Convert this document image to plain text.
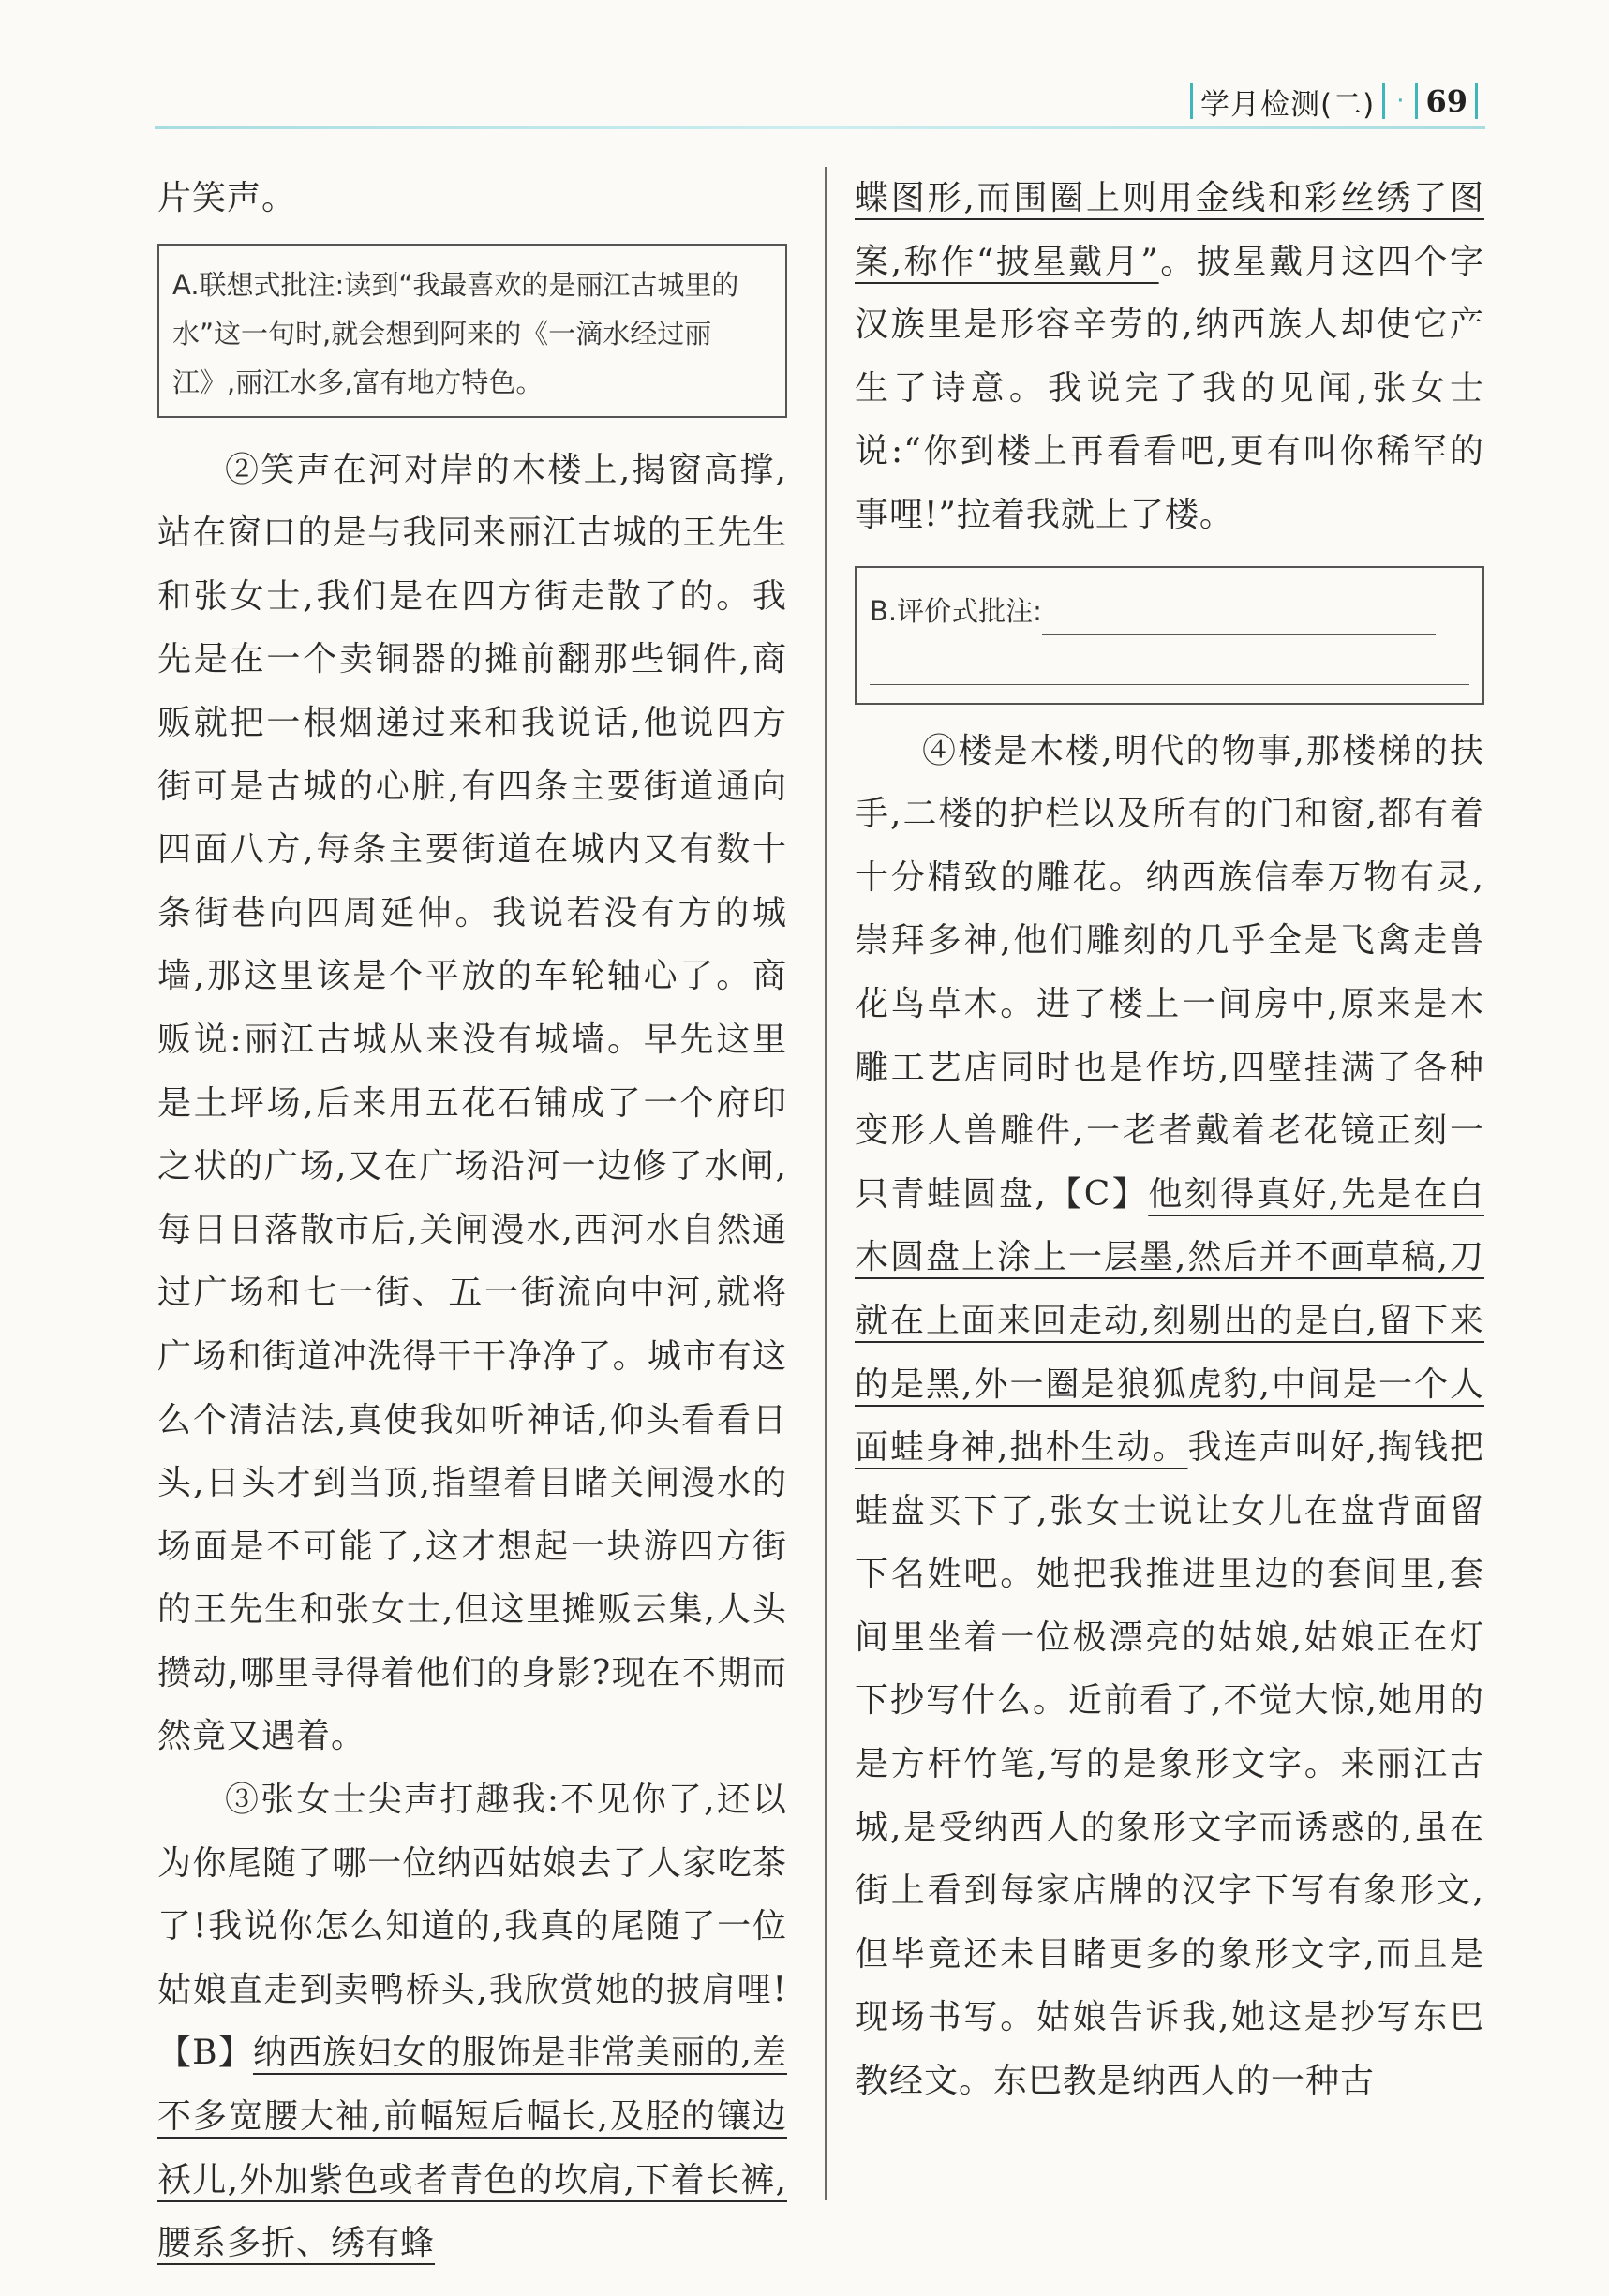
学月检测(二) · 69

片笑声。

A.联想式批注:读到“我最喜欢的是丽江古城里的水”这一句时,就会想到阿来的《一滴水经过丽江》,丽江水多,富有地方特色。

②笑声在河对岸的木楼上,揭窗高撑,站在窗口的是与我同来丽江古城的王先生和张女士,我们是在四方街走散了的。我先是在一个卖铜器的摊前翻那些铜件,商贩就把一根烟递过来和我说话,他说四方街可是古城的心脏,有四条主要街道通向四面八方,每条主要街道在城内又有数十条街巷向四周延伸。我说若没有方的城墙,那这里该是个平放的车轮轴心了。商贩说:丽江古城从来没有城墙。早先这里是土坪场,后来用五花石铺成了一个府印之状的广场,又在广场沿河一边修了水闸,每日日落散市后,关闸漫水,西河水自然通过广场和七一街、五一街流向中河,就将广场和街道冲洗得干干净净了。城市有这么个清洁法,真使我如听神话,仰头看看日头,日头才到当顶,指望着目睹关闸漫水的场面是不可能了,这才想起一块游四方街的王先生和张女士,但这里摊贩云集,人头攒动,哪里寻得着他们的身影?现在不期而然竟又遇着。

③张女士尖声打趣我:不见你了,还以为你尾随了哪一位纳西姑娘去了人家吃茶了!我说你怎么知道的,我真的尾随了一位姑娘直走到卖鸭桥头,我欣赏她的披肩哩!【B】纳西族妇女的服饰是非常美丽的,差不多宽腰大袖,前幅短后幅长,及胫的镶边袄儿,外加紫色或者青色的坎肩,下着长裤,腰系多折、绣有蜂

蝶图形,而围圈上则用金线和彩丝绣了图案,称作“披星戴月”。披星戴月这四个字汉族里是形容辛劳的,纳西族人却使它产生了诗意。我说完了我的见闻,张女士说:“你到楼上再看看吧,更有叫你稀罕的事哩!”拉着我就上了楼。

B.评价式批注:

④楼是木楼,明代的物事,那楼梯的扶手,二楼的护栏以及所有的门和窗,都有着十分精致的雕花。纳西族信奉万物有灵,崇拜多神,他们雕刻的几乎全是飞禽走兽花鸟草木。进了楼上一间房中,原来是木雕工艺店同时也是作坊,四壁挂满了各种变形人兽雕件,一老者戴着老花镜正刻一只青蛙圆盘,【C】他刻得真好,先是在白木圆盘上涂上一层墨,然后并不画草稿,刀就在上面来回走动,刻剔出的是白,留下来的是黑,外一圈是狼狐虎豹,中间是一个人面蛙身神,拙朴生动。我连声叫好,掏钱把蛙盘买下了,张女士说让女儿在盘背面留下名姓吧。她把我推进里边的套间里,套间里坐着一位极漂亮的姑娘,姑娘正在灯下抄写什么。近前看了,不觉大惊,她用的是方杆竹笔,写的是象形文字。来丽江古城,是受纳西人的象形文字而诱惑的,虽在街上看到每家店牌的汉字下写有象形文,但毕竟还未目睹更多的象形文字,而且是现场书写。姑娘告诉我,她这是抄写东巴教经文。东巴教是纳西人的一种古
